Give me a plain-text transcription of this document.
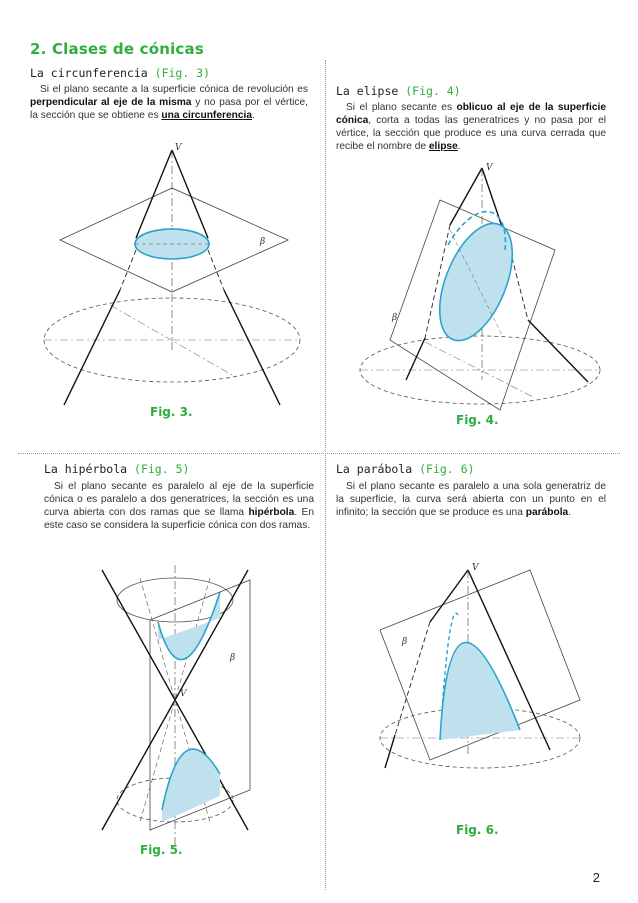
2. Clases de cónicas
La circunferencia (Fig. 3)
Si el plano secante a la superficie cónica de revolución es perpendicular al eje de la misma y no pasa por el vértice, la sección que se obtiene es una circunferencia.
V
β
Fig. 3.
La elipse (Fig. 4)
Si el plano secante es oblicuo al eje de la superficie cónica, corta a todas las generatrices y no pasa por el vértice, la sección que produce es una curva cerrada que recibe el nombre de elipse.
V
β
Fig. 4.
La hipérbola (Fig. 5)
Si el plano secante es paralelo al eje de la superficie cónica o es paralelo a dos generatrices, la sección es una curva abierta con dos ramas que se llama hipérbola. En este caso se considera la superficie cónica con dos ramas.
V
β
Fig. 5.
La parábola (Fig. 6)
Si el plano secante es paralelo a una sola generatriz de la superficie, la curva será abierta con un punto en el infinito; la sección que se produce es una parábola.
V
β
Fig. 6.
2
